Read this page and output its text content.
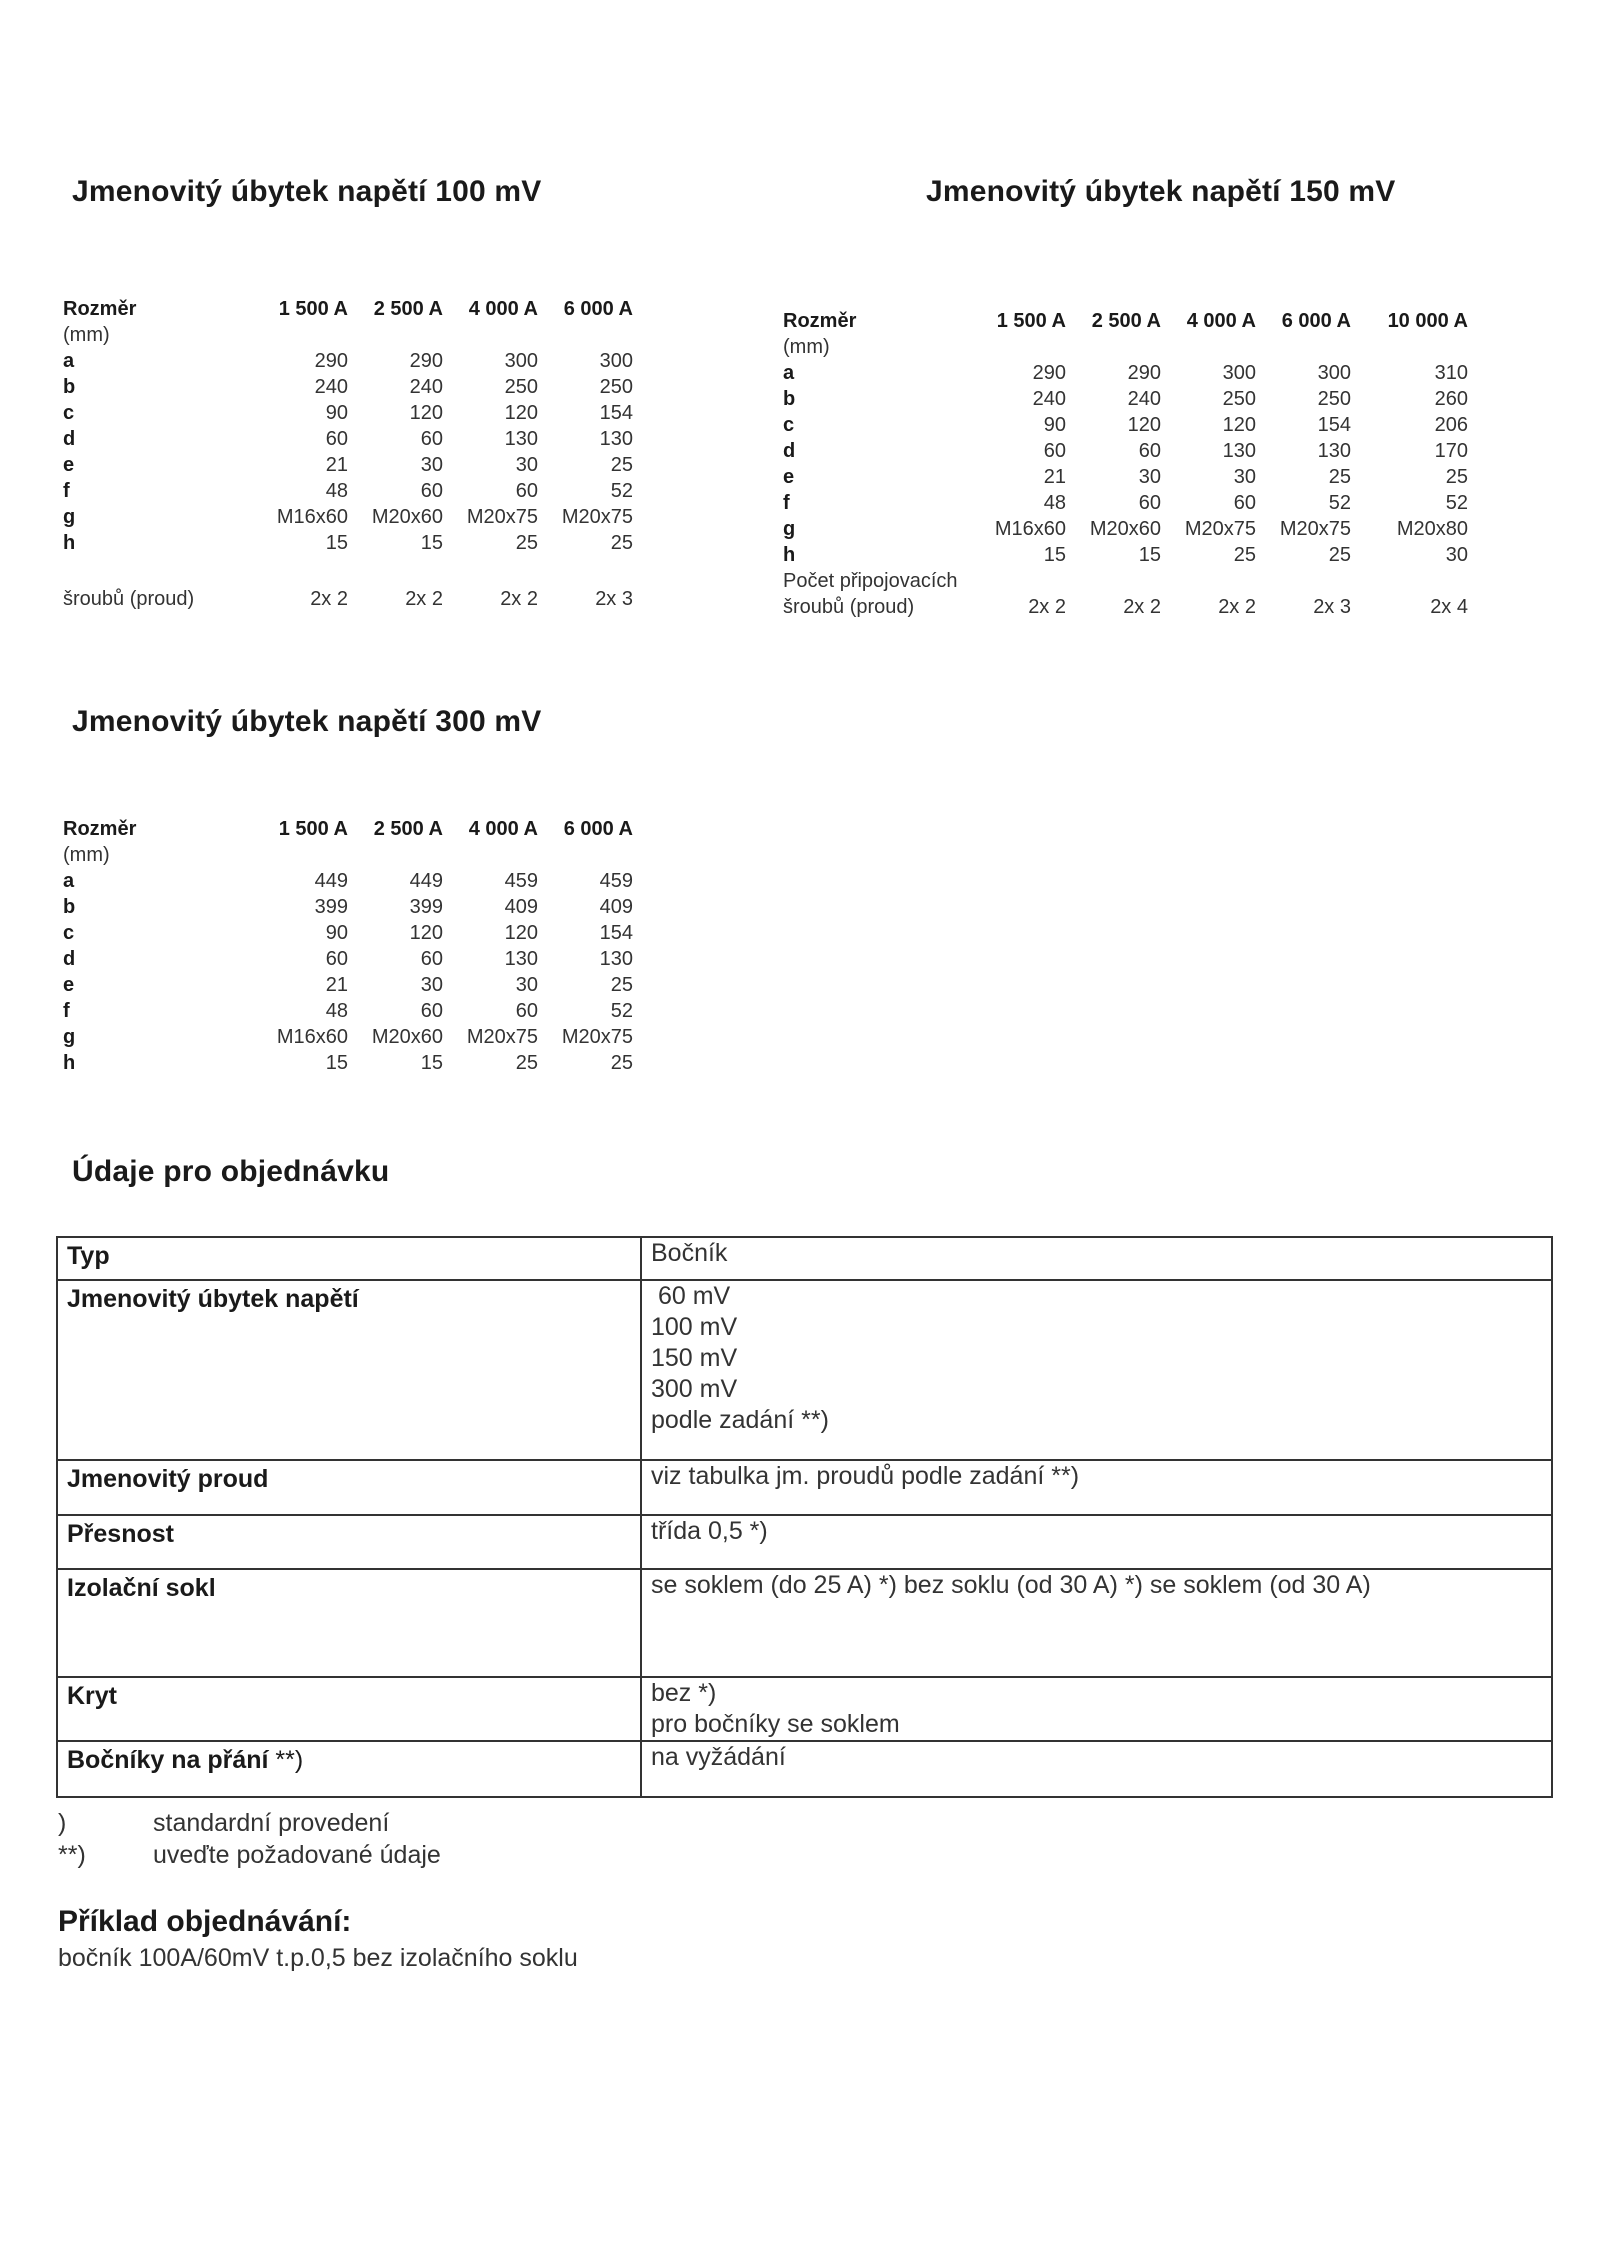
Jmenovitý úbytek napětí 100 mV
Rozměr	1 500 A	2 500 A	4 000 A	6 000 A
(mm)				
a	290	290	300	300
b	240	240	250	250
c	90	120	120	154
d	60	60	130	130
e	21	30	30	25
f	48	60	60	52
g	M16x60	M20x60	M20x75	M20x75
h	15	15	25	25

šroubů (proud)	2x 2	2x 2	2x 2	2x 3
Jmenovitý úbytek napětí 150 mV
Rozměr	1 500 A	2 500 A	4 000 A	6 000 A	10 000 A
(mm)					
a	290	290	300	300	310
b	240	240	250	250	260
c	90	120	120	154	206
d	60	60	130	130	170
e	21	30	30	25	25
f	48	60	60	52	52
g	M16x60	M20x60	M20x75	M20x75	M20x80
h	15	15	25	25	30
Počet připojovacích					
šroubů (proud)	2x 2	2x 2	2x 2	2x 3	2x 4
Jmenovitý úbytek napětí 300 mV
Rozměr	1 500 A	2 500 A	4 000 A	6 000 A
(mm)				
a	449	449	459	459
b	399	399	409	409
c	90	120	120	154
d	60	60	130	130
e	21	30	30	25
f	48	60	60	52
g	M16x60	M20x60	M20x75	M20x75
h	15	15	25	25
Údaje pro objednávku
Typ	Bočník

Jmenovitý úbytek napětí	60 mV
100 mV
150 mV
300 mV
podle zadání **)

Jmenovitý proud	viz tabulka jm. proudů podle zadání **)

Přesnost	třída 0,5 *)

Izolační sokl	se soklem (do 25 A) *) bez soklu (od 30 A) *) se soklem (od 30 A)

Kryt	bez *)
pro bočníky se soklem

Bočníky na přání **)	na vyžádání
)	standardní provedení
**)	uveďte požadované údaje
Příklad objednávání:
bočník 100A/60mV t.p.0,5 bez izolačního soklu
